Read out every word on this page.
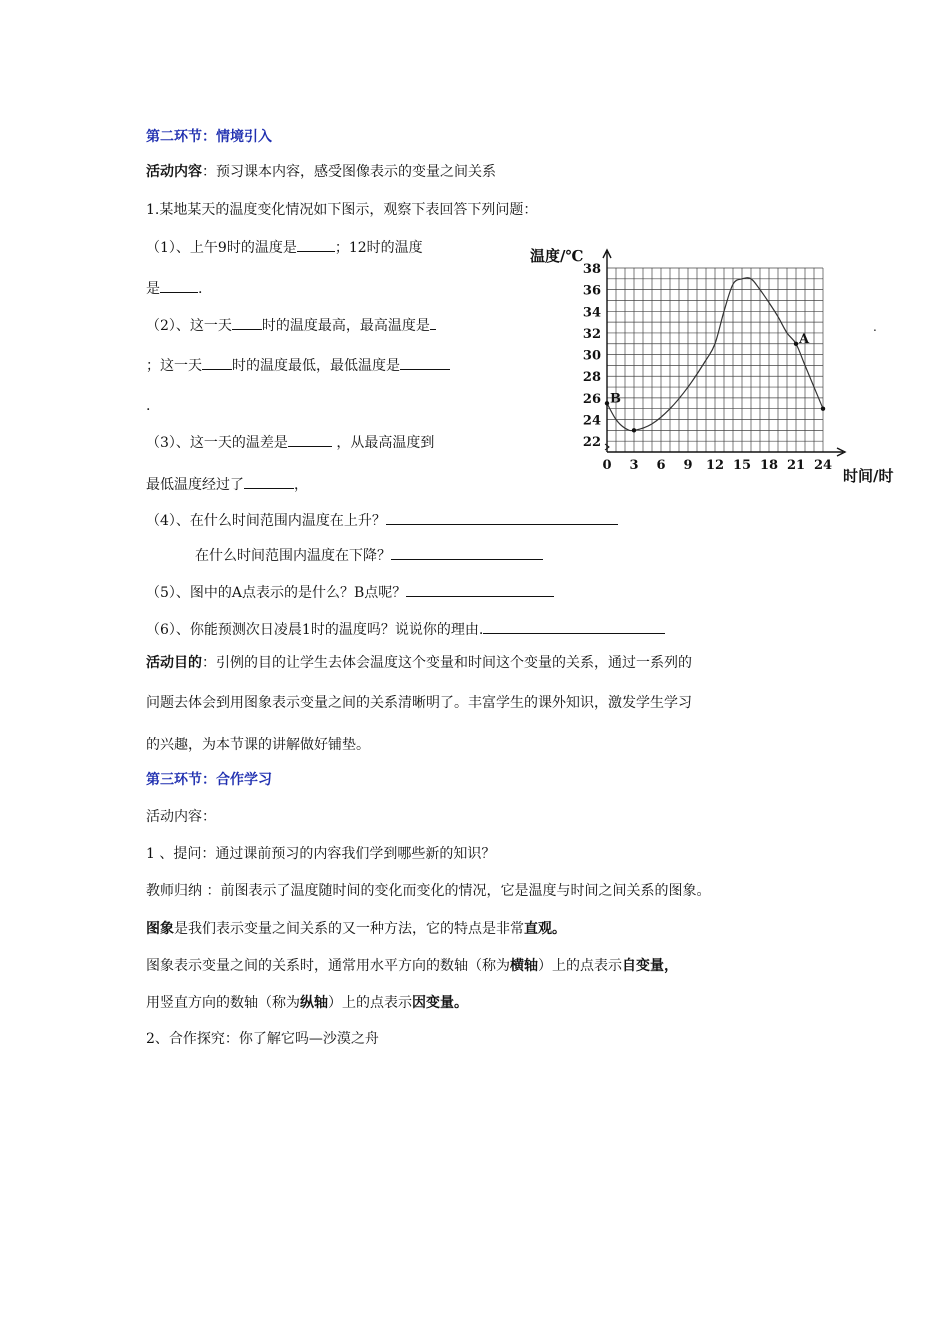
第二环节：情境引入
活动内容：预习课本内容，感受图像表示的变量之间关系
1.某地某天的温度变化情况如下图示，观察下表回答下列问题：
（1）、上午9时的温度是	；12时的温度
是	.
（2）、这一天 时的温度最高，最高温度是
；这一天 时的温度最低，最低温度是
.
（3）、这一天的温差是	，从最高温度到
最低温度经过了	，
（4）、在什么时间范围内温度在上升？
在什么时间范围内温度在下降？
（5）、图中的A点表示的是什么？B点呢？
（6）、你能预测次日凌晨1时的温度吗？说说你的理由.
活动目的：引例的目的让学生去体会温度这个变量和时间这个变量的关系，通过一系列的
问题去体会到用图象表示变量之间的关系清晰明了。丰富学生的课外知识，激发学生学习
的兴趣，为本节课的讲解做好铺垫。
第三环节：合作学习
活动内容：
1 、提问：通过课前预习的内容我们学到哪些新的知识？
教师归纳 ：前图表示了温度随时间的变化而变化的情况，它是温度与时间之间关系的图象。
图象是我们表示变量之间关系的又一种方法，它的特点是非常直观。
图象表示变量之间的关系时，通常用水平方向的数轴（称为横轴）上的点表示自变量，
用竖直方向的数轴（称为纵轴）上的点表示因变量。
2、合作探究：你了解它吗—沙漠之舟
.
0 3 6 9 12 15 18 21 24
22
24
26
28
30
32
34
36
38
A
B
温度/℃
时间/时
